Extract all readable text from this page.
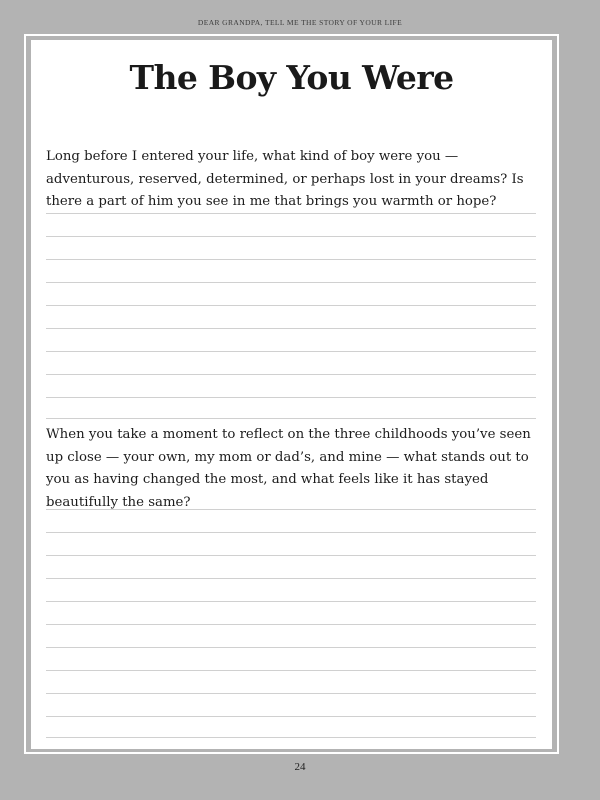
DEAR GRANDPA, TELL ME THE STORY OF YOUR LIFE
The Boy You Were

Long before I entered your life, what kind of boy were you — adventurous, reserved, determined, or perhaps lost in your dreams? Is there a part of him you see in me that brings you warmth or hope?

When you take a moment to reflect on the three childhoods you’ve seen up close — your own, my mom or dad’s, and mine — what stands out to you as having changed the most, and what feels like it has stayed beautifully the same?

24
